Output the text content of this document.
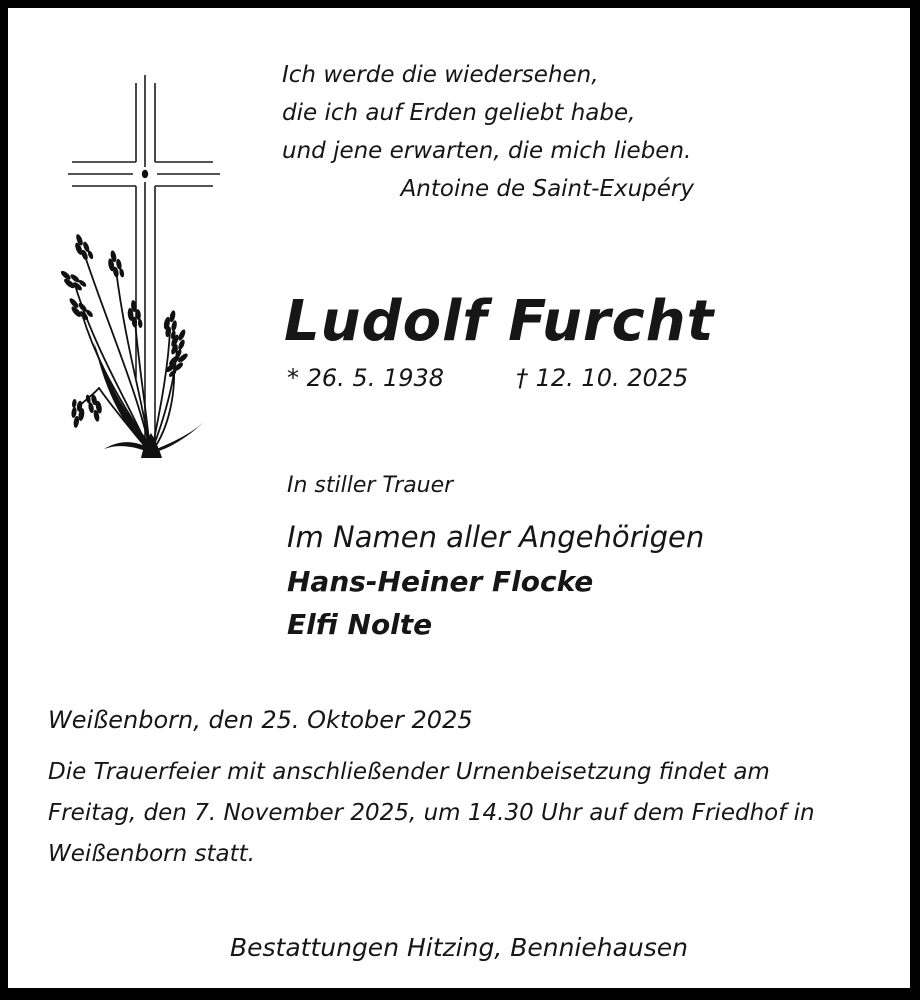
Ich werde die wiedersehen,
die ich auf Erden geliebt habe,
und jene erwarten, die mich lieben.
Antoine de Saint-Exupéry
Ludolf Furcht
* 26. 5. 1938	† 12. 10. 2025
In stiller Trauer
Im Namen aller Angehörigen
Hans-Heiner Flocke
Elfi Nolte
Weißenborn, den 25. Oktober 2025
Die Trauerfeier mit anschließender Urnenbeisetzung findet am
Freitag, den 7. November 2025, um 14.30 Uhr auf dem Friedhof in
Weißenborn statt.
Bestattungen Hitzing, Benniehausen
